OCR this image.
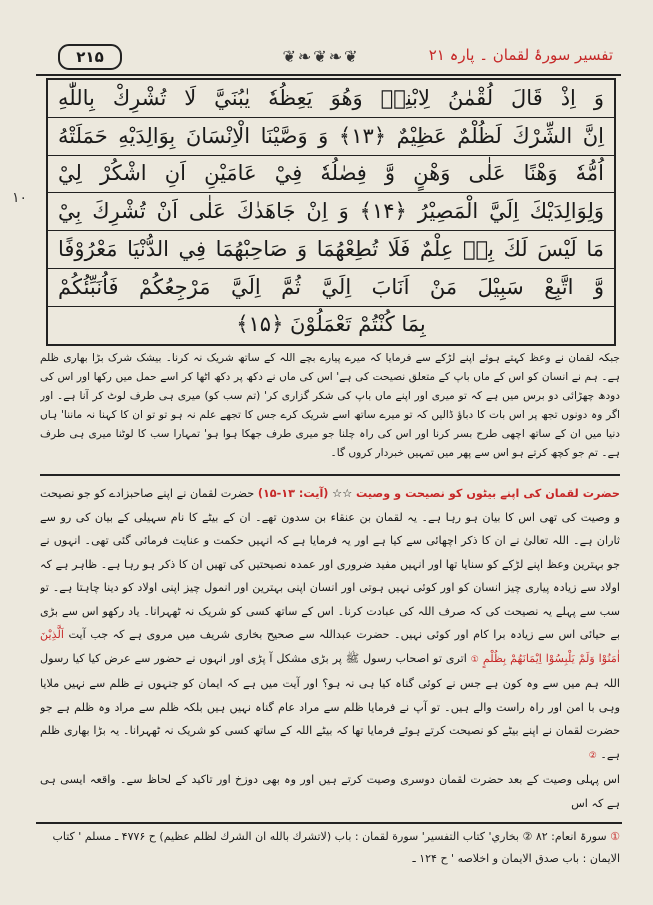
۲۱۵	❦❧❦❧❦	تفسیر سورۂ لقمان ۔ پارہ ۲۱
وَ اِذْ قَالَ لُقْمٰنُ لِابْنِهٖ وَهُوَ يَعِظُهٗ يٰبُنَيَّ لَا تُشْرِكْ بِاللّٰهِ
اِنَّ الشِّرْكَ لَظُلْمٌ عَظِيْمٌ ﴿۱۳﴾ وَ وَصَّيْنَا الْاِنْسَانَ بِوَالِدَيْهِ حَمَلَتْهُ
اُمُّهٗ وَهْنًا عَلٰى وَهْنٍ وَّ فِصٰلُهٗ فِيْ عَامَيْنِ اَنِ اشْكُرْ لِيْ
وَلِوَالِدَيْكَ اِلَيَّ الْمَصِيْرُ ﴿۱۴﴾ وَ اِنْ جَاهَدٰكَ عَلٰى اَنْ تُشْرِكَ بِيْ
مَا لَيْسَ لَكَ بِهٖ عِلْمٌ فَلَا تُطِعْهُمَا وَ صَاحِبْهُمَا فِي الدُّنْيَا مَعْرُوْفًا
وَّ اتَّبِعْ سَبِيْلَ مَنْ اَنَابَ اِلَيَّ ثُمَّ اِلَيَّ مَرْجِعُكُمْ فَاُنَبِّئُكُمْ
بِمَا كُنْتُمْ تَعْمَلُوْنَ ﴿۱۵﴾
۱۰
جبکہ لقمان نے وعظ کہتے ہوئے اپنے لڑکے سے فرمایا کہ میرے پیارے بچے اللہ کے ساتھ شریک نہ کرنا۔ بیشک شرک بڑا بھاری ظلم ہے۔ ہم نے انسان کو اس کے ماں باپ کے متعلق نصیحت کی ہے' اس کی ماں نے دکھ پر دکھ اٹھا کر اسے حمل میں رکھا اور اس کی دودھ چھڑائی دو برس میں ہے کہ تو میری اور اپنے ماں باپ کی شکر گزاری کر' (تم سب کو) میری ہی طرف لوٹ کر آنا ہے۔ اور اگر وہ دونوں تجھ پر اس بات کا دباؤ ڈالیں کہ تو میرے ساتھ اسے شریک کرے جس کا تجھے علم نہ ہو تو تو ان کا کہنا نہ ماننا' ہاں دنیا میں ان کے ساتھ اچھی طرح بسر کرنا اور اس کی راہ چلنا جو میری طرف جھکا ہوا ہو' تمہارا سب کا لوٹنا میری ہی طرف ہے۔ تم جو کچھ کرتے ہو اس سے پھر میں تمہیں خبردار کروں گا۔
حضرت لقمان کی اپنے بیٹوں کو نصیحت و وصیت ☆☆ (آیت: ۱۳-۱۵) حضرت لقمان نے اپنے صاحبزادے کو جو نصیحت و وصیت کی تھی اس کا بیان ہو رہا ہے۔ یہ لقمان بن عنقاء بن سدون تھے۔ ان کے بیٹے کا نام سہیلی کے بیان کی رو سے ثاران ہے۔ اللہ تعالیٰ نے ان کا ذکر اچھائی سے کیا ہے اور یہ فرمایا ہے کہ انہیں حکمت و عنایت فرمائی گئی تھی۔ انہوں نے جو بہترین وعظ اپنے لڑکے کو سنایا تھا اور انہیں مفید ضروری اور عمدہ نصیحتیں کی تھیں ان کا ذکر ہو رہا ہے۔ ظاہر ہے کہ اولاد سے زیادہ پیاری چیز انسان کو اور کوئی نہیں ہوتی اور انسان اپنی بہترین اور انمول چیز اپنی اولاد کو دینا چاہتا ہے۔ تو سب سے پہلے یہ نصیحت کی کہ صرف اللہ کی عبادت کرنا۔ اس کے ساتھ کسی کو شریک نہ ٹھہرانا۔ یاد رکھو اس سے بڑی بے حیائی اس سے زیادہ برا کام اور کوئی نہیں۔ حضرت عبداللہ سے صحیح بخاری شریف میں مروی ہے کہ جب آیت اَلَّذِيْنَ اٰمَنُوْا وَلَمْ يَلْبِسُوْا اِيْمَانَهُمْ بِظُلْمٍ ① اتری تو اصحاب رسول ﷺ پر بڑی مشکل آ پڑی اور انہوں نے حضور سے عرض کیا کیا رسول اللہ ہم میں سے وہ کون ہے جس نے کوئی گناہ کیا ہی نہ ہو؟ اور آیت میں ہے کہ ایمان کو جنہوں نے ظلم سے نہیں ملایا وہی با امن اور راہ راست والے ہیں۔ تو آپ نے فرمایا ظلم سے مراد عام گناہ نہیں ہیں بلکہ ظلم سے مراد وہ ظلم ہے جو حضرت لقمان نے اپنے بیٹے کو نصیحت کرتے ہوئے فرمایا تھا کہ بیٹے اللہ کے ساتھ کسی کو شریک نہ ٹھہرانا۔ یہ بڑا بھاری ظلم ہے۔ ②
اس پہلی وصیت کے بعد حضرت لقمان دوسری وصیت کرتے ہیں اور وہ بھی دوزخ اور تاکید کے لحاظ سے۔ واقعہ ایسی ہی ہے کہ اس
① سورۃ انعام: ۸۲ ② بخاري' كتاب التفسير' سورة لقمان : باب (لاتشرك بالله ان الشرك لظلم عظيم) ح ۴۷۷۶ ـ مسلم ' كتاب
الايمان : باب صدق الايمان و اخلاصه ' ح ۱۲۴ ـ
